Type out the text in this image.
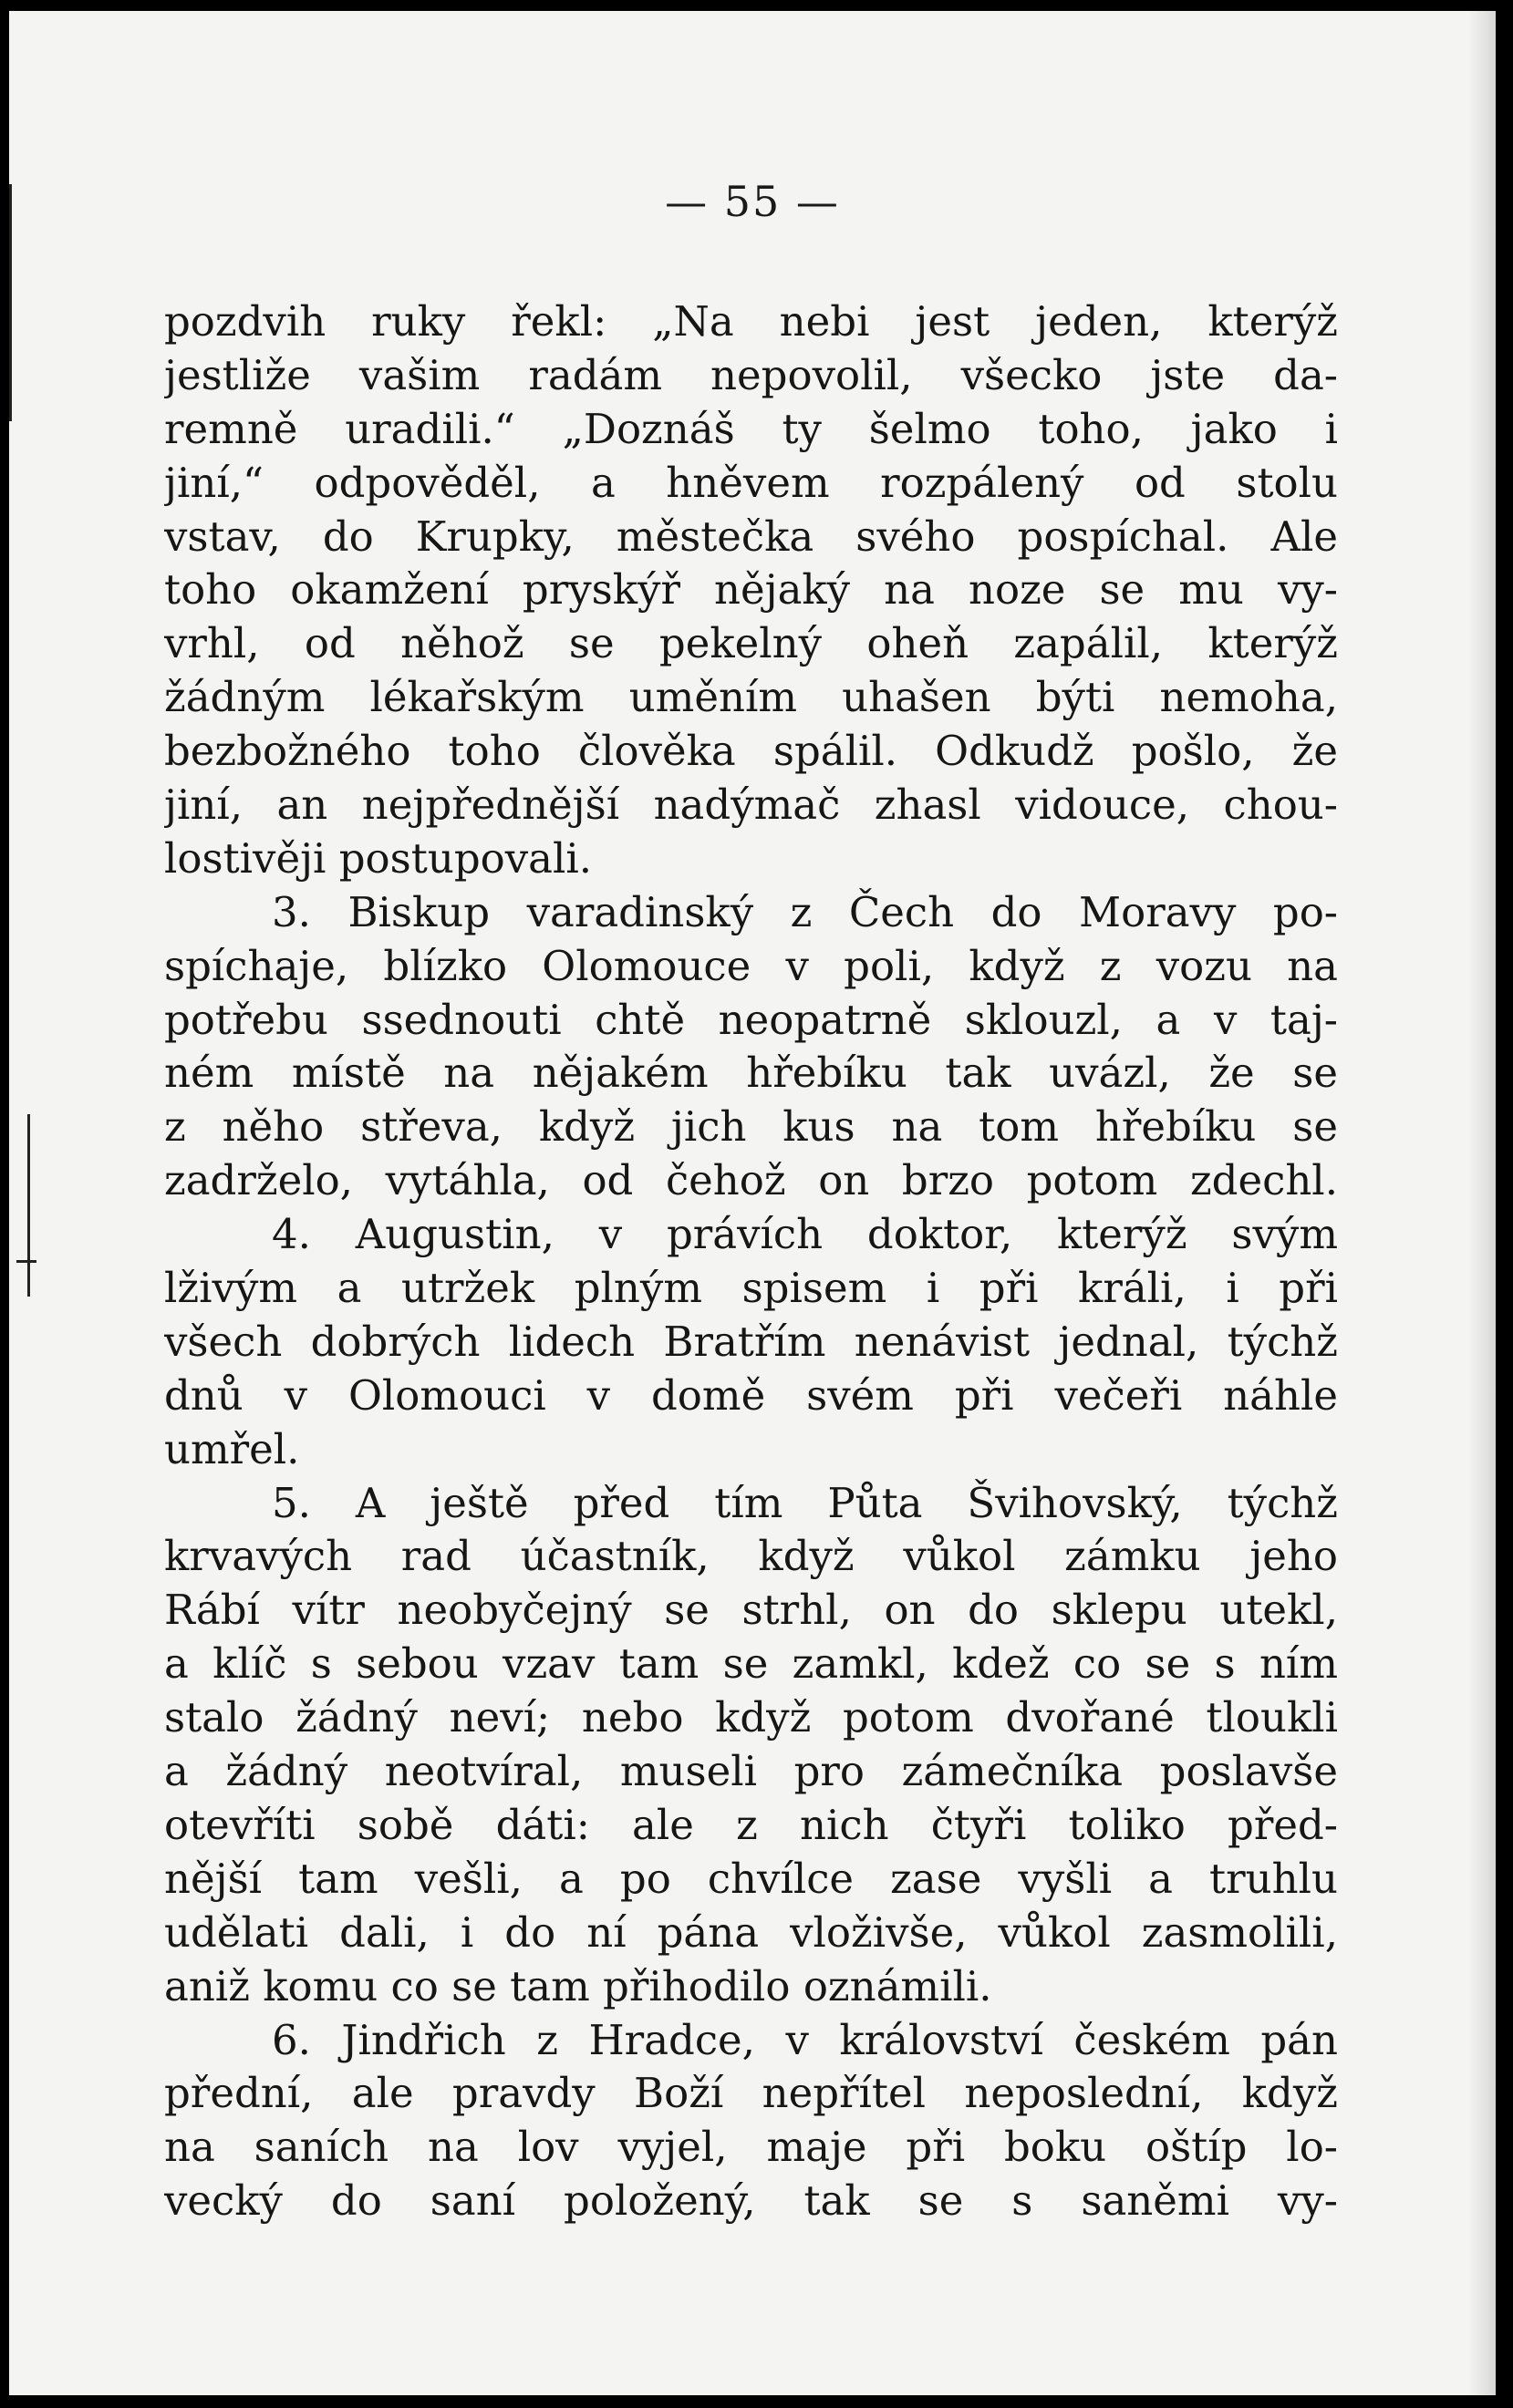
— 55 —
pozdvih ruky řekl: „Na nebi jest jeden, kterýž
jestliže vašim radám nepovolil, všecko jste da-
remně uradili.“ „Doznáš ty šelmo toho, jako i
jiní,“ odpověděl, a hněvem rozpálený od stolu
vstav, do Krupky, městečka svého pospíchal. Ale
toho okamžení pryskýř nějaký na noze se mu vy-
vrhl, od něhož se pekelný oheň zapálil, kterýž
žádným lékařským uměním uhašen býti nemoha,
bezbožného toho člověka spálil. Odkudž pošlo, že
jiní, an nejpřednější nadýmač zhasl vidouce, chou-
lostivěji postupovali.
3. Biskup varadinský z Čech do Moravy po-
spíchaje, blízko Olomouce v poli, když z vozu na
potřebu ssednouti chtě neopatrně sklouzl, a v taj-
ném místě na nějakém hřebíku tak uvázl, že se
z něho střeva, když jich kus na tom hřebíku se
zadrželo, vytáhla, od čehož on brzo potom zdechl.
4. Augustin, v právích doktor, kterýž svým
lživým a utržek plným spisem i při králi, i při
všech dobrých lidech Bratřím nenávist jednal, týchž
dnů v Olomouci v domě svém při večeři náhle
umřel.
5. A ještě před tím Půta Švihovský, týchž
krvavých rad účastník, když vůkol zámku jeho
Rábí vítr neobyčejný se strhl, on do sklepu utekl,
a klíč s sebou vzav tam se zamkl, kdež co se s ním
stalo žádný neví; nebo když potom dvořané tloukli
a žádný neotvíral, museli pro zámečníka poslavše
otevříti sobě dáti: ale z nich čtyři toliko před-
nější tam vešli, a po chvílce zase vyšli a truhlu
udělati dali, i do ní pána vloživše, vůkol zasmolili,
aniž komu co se tam přihodilo oznámili.
6. Jindřich z Hradce, v království českém pán
přední, ale pravdy Boží nepřítel neposlední, když
na saních na lov vyjel, maje při boku oštíp lo-
vecký do saní položený, tak se s saněmi vy-
